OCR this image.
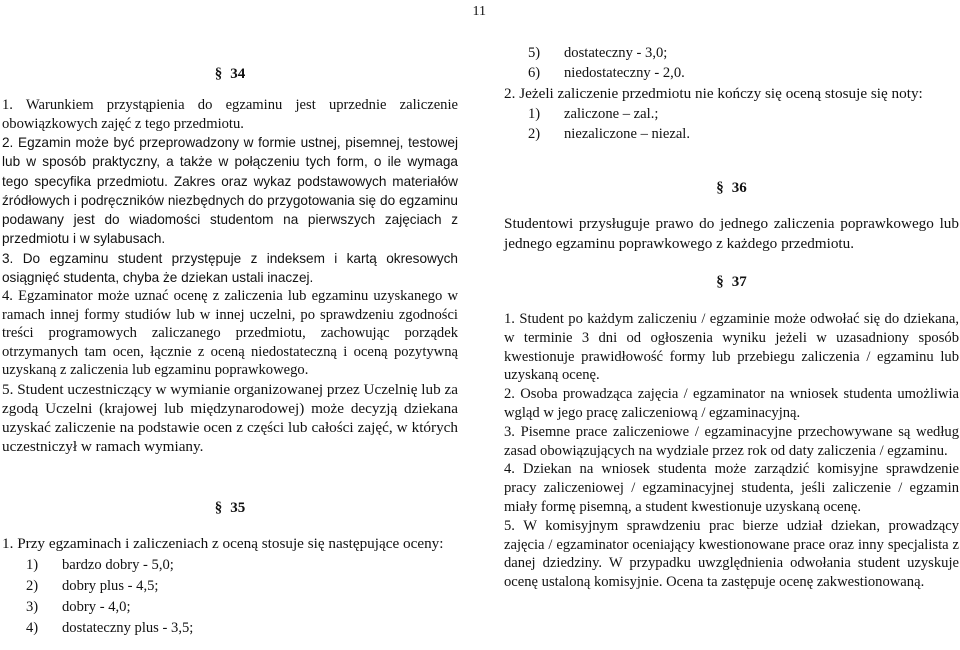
11
§ 34

1. Warunkiem przystąpienia do egzaminu jest uprzednie zaliczenie obowiązkowych zajęć z tego przedmiotu.

2. Egzamin może być przeprowadzony w formie ustnej, pisemnej, testowej lub w sposób praktyczny, a także w połączeniu tych form, o ile wymaga tego specyfika przedmiotu. Zakres oraz wykaz podstawowych materiałów źródłowych i podręczników niezbędnych do przygotowania się do egzaminu podawany jest do wiadomości studentom na pierwszych zajęciach z przedmiotu i w sylabusach.

3. Do egzaminu student przystępuje z indeksem i kartą okresowych osiągnięć studenta, chyba że dziekan ustali inaczej.

4. Egzaminator może uznać ocenę z zaliczenia lub egzaminu uzyskanego w ramach innej formy studiów lub w innej uczelni, po sprawdzeniu zgodności treści programowych zaliczanego przedmiotu, zachowując porządek otrzymanych tam ocen, łącznie z oceną niedostateczną i oceną pozytywną uzyskaną z zaliczenia lub egzaminu poprawkowego.

5. Student uczestniczący w wymianie organizowanej przez Uczelnię lub za zgodą Uczelni (krajowej lub międzynarodowej) może decyzją dziekana uzyskać zaliczenie na podstawie ocen z części lub całości zajęć, w których uczestniczył w ramach wymiany.

§ 35

1. Przy egzaminach i zaliczeniach z oceną stosuje się następujące oceny:

1) bardzo dobry - 5,0;
2) dobry plus - 4,5;
3) dobry - 4,0;
4) dostateczny plus - 3,5;
5) dostateczny - 3,0;
6) niedostateczny - 2,0.

2. Jeżeli zaliczenie przedmiotu nie kończy się oceną stosuje się noty:

1) zaliczone – zal.;
2) niezaliczone – niezal.
§ 36

Studentowi przysługuje prawo do jednego zaliczenia poprawkowego lub jednego egzaminu poprawkowego z każdego przedmiotu.

§ 37

1. Student po każdym zaliczeniu / egzaminie może odwołać się do dziekana, w terminie 3 dni od ogłoszenia wyniku jeżeli w uzasadniony sposób kwestionuje prawidłowość formy lub przebiegu zaliczenia / egzaminu lub uzyskaną ocenę.

2. Osoba prowadząca zajęcia / egzaminator na wniosek studenta umożliwia wgląd w jego pracę zaliczeniową / egzaminacyjną.

3. Pisemne prace zaliczeniowe / egzaminacyjne przechowywane są według zasad obowiązujących na wydziale przez rok od daty zaliczenia / egzaminu.

4. Dziekan na wniosek studenta może zarządzić komisyjne sprawdzenie pracy zaliczeniowej / egzaminacyjnej studenta, jeśli zaliczenie / egzamin miały formę pisemną, a student kwestionuje uzyskaną ocenę.

5. W komisyjnym sprawdzeniu prac bierze udział dziekan, prowadzący zajęcia / egzaminator oceniający kwestionowane prace oraz inny specjalista z danej dziedziny. W przypadku uwzględnienia odwołania student uzyskuje ocenę ustaloną komisyjnie. Ocena ta zastępuje ocenę zakwestionowaną.
